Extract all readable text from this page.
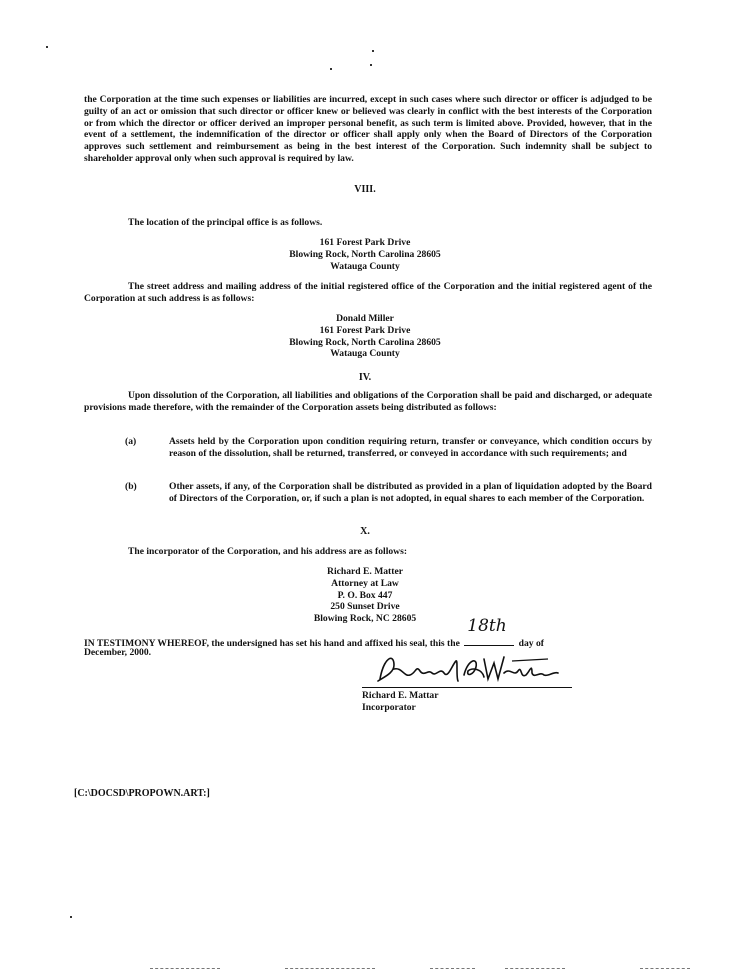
the Corporation at the time such expenses or liabilities are incurred, except in such cases where such director or officer is adjudged to be guilty of an act or omission that such director or officer knew or believed was clearly in conflict with the best interests of the Corporation or from which the director or officer derived an improper personal benefit, as such term is limited above. Provided, however, that in the event of a settlement, the indemnification of the director or officer shall apply only when the Board of Directors of the Corporation approves such settlement and reimbursement as being in the best interest of the Corporation. Such indemnity shall be subject to shareholder approval only when such approval is required by law.
VIII.
The location of the principal office is as follows.
161 Forest Park Drive
Blowing Rock, North Carolina 28605
Watauga County
The street address and mailing address of the initial registered office of the Corporation and the initial registered agent of the Corporation at such address is as follows:
Donald Miller
161 Forest Park Drive
Blowing Rock, North Carolina 28605
Watauga County
IV.
Upon dissolution of the Corporation, all liabilities and obligations of the Corporation shall be paid and discharged, or adequate provisions made therefore, with the remainder of the Corporation assets being distributed as follows:
(a)	Assets held by the Corporation upon condition requiring return, transfer or conveyance, which condition occurs by reason of the dissolution, shall be returned, transferred, or conveyed in accordance with such requirements; and
(b)	Other assets, if any, of the Corporation shall be distributed as provided in a plan of liquidation adopted by the Board of Directors of the Corporation, or, if such a plan is not adopted, in equal shares to each member of the Corporation.
X.
The incorporator of the Corporation, and his address are as follows:
Richard E. Matter
Attorney at Law
P. O. Box 447
250 Sunset Drive
Blowing Rock, NC 28605
IN TESTIMONY WHEREOF, the undersigned has set his hand and affixed his seal, this the
18th
day of
December, 2000.
Richard E. Mattar
Incorporator
[C:\DOCSD\PROPOWN.ART:]
